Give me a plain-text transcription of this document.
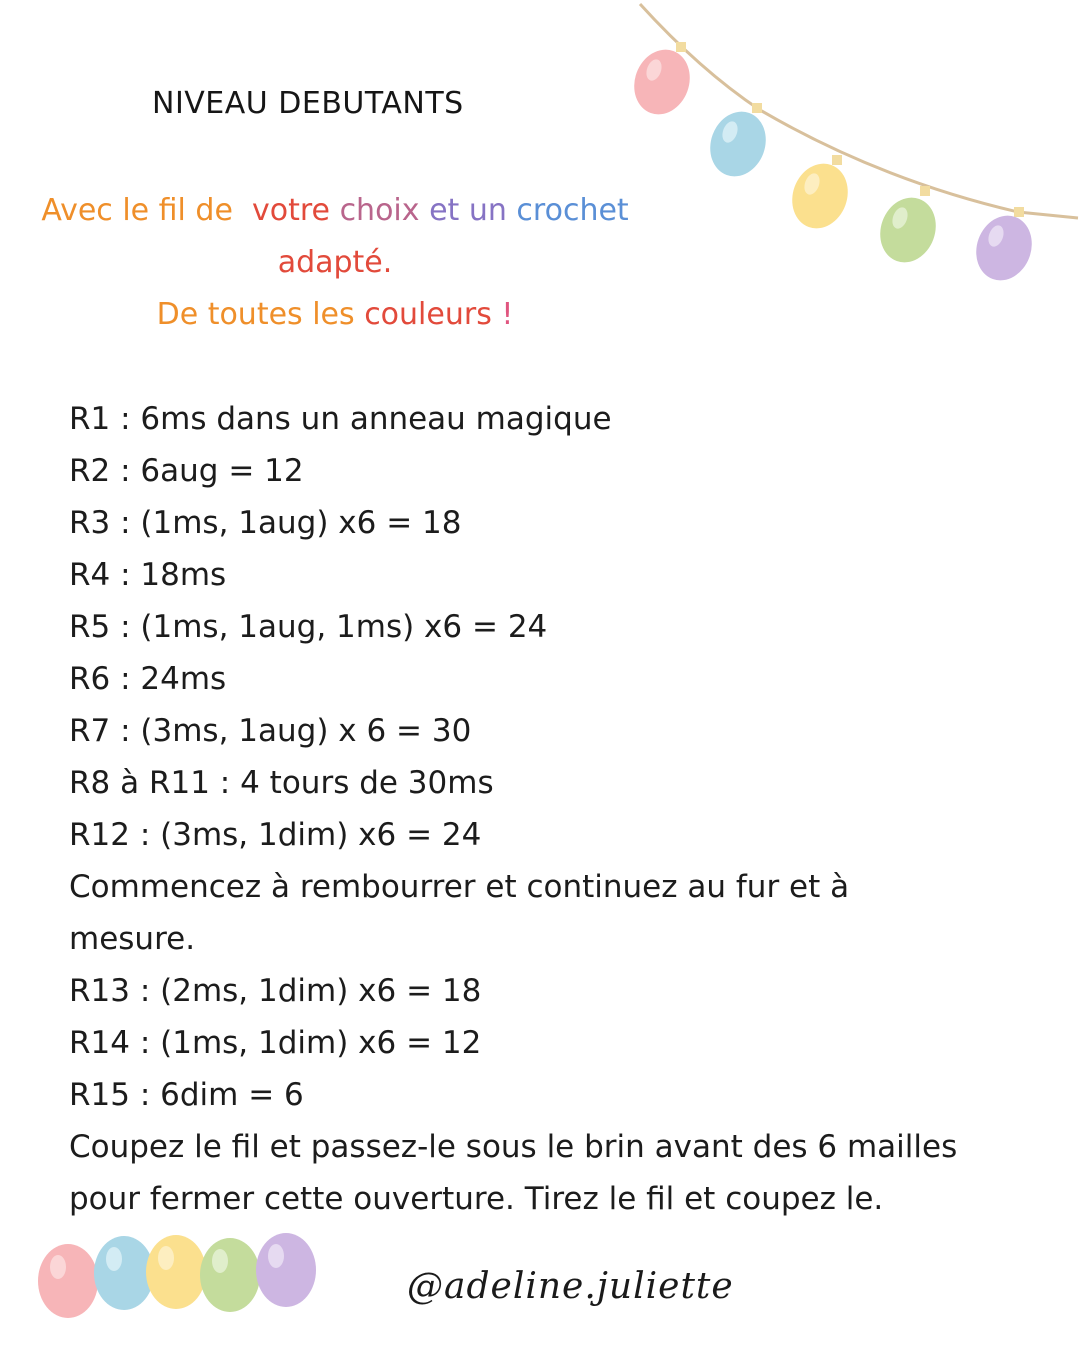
NIVEAU DEBUTANTS
Avec le fil de votre choix et un crochet
adapté.
De toutes les couleurs !
R1 : 6ms dans un anneau magique
R2 : 6aug = 12
R3 : (1ms, 1aug) x6 = 18
R4 : 18ms
R5 : (1ms, 1aug, 1ms) x6 = 24
R6 : 24ms
R7 : (3ms, 1aug) x 6 = 30
R8 à R11 : 4 tours de 30ms
R12 : (3ms, 1dim) x6 = 24
Commencez à rembourrer et continuez au fur et à
mesure.
R13 : (2ms, 1dim) x6 = 18
R14 : (1ms, 1dim) x6 = 12
R15 : 6dim = 6
Coupez le fil et passez-le sous le brin avant des 6 mailles
pour fermer cette ouverture. Tirez le fil et coupez le.
@adeline.juliette
